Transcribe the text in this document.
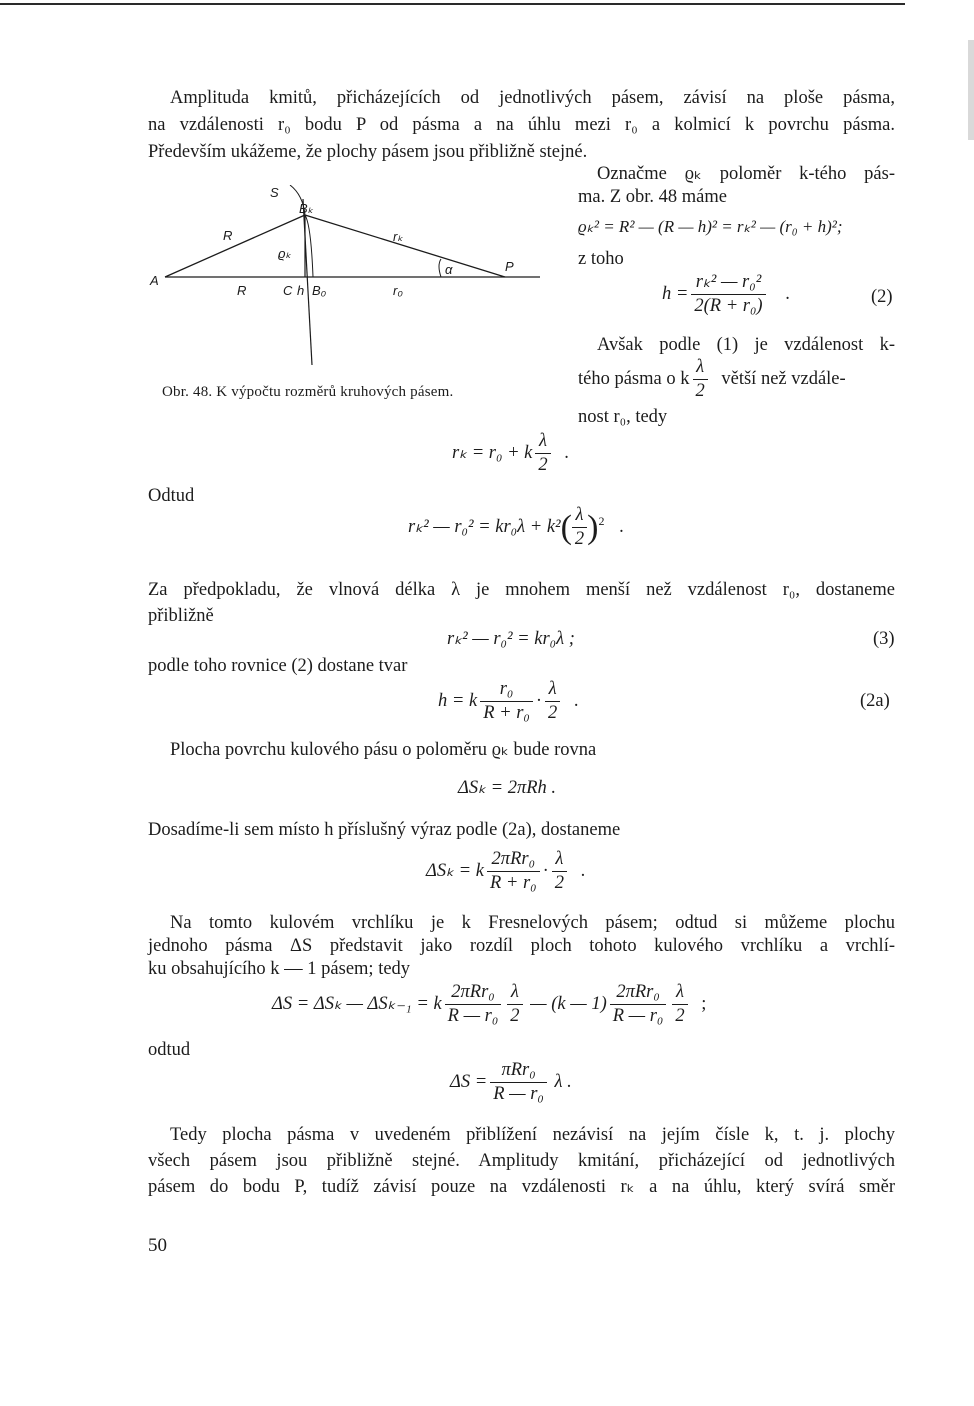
Amplituda kmitů, přicházejících od jednotlivých pásem, závisí na ploše pásma,
na vzdálenosti r₀ bodu P od pásma a na úhlu mezi r₀ a kolmicí k povrchu pásma.
Především ukážeme, že plochy pásem jsou přibližně stejné.
S
Bₖ
R
ϱₖ
rₖ
A
α	P
R	C h B₀	r₀
Obr. 48. K výpočtu rozměrů kruhových pásem.
Označme ϱₖ poloměr k-tého pás-
ma. Z obr. 48 máme
ϱₖ² = R² — (R — h)² = rₖ² — (r₀ + h)²;
z toho
$h = \frac{\text{rₖ² — r₀²}}{\text{2(R + r₀)}}$ .	(2)
Avšak podle (1) je vzdálenost k-
tého pásma o k $\frac{\lambda}{2}$ větší než vzdále-
nost r₀, tedy
rₖ = r₀ + k $\frac{\lambda}{2}$ .
Odtud
rₖ² — $r_0^2 = kr_0\lambda + k^2( \frac{\lambda}{2} )^2$ .
Za předpokladu, že vlnová délka λ je mnohem menší než vzdálenost r₀, dostaneme
přibližně
rₖ² — r₀² = kr₀λ ;	(3)
podle toho rovnice (2) dostane tvar
h = k $\frac{\text{r₀}}{\text{R + r₀}} \cdot \frac{\lambda}{2}$ .	(2a)
Plocha povrchu kulového pásu o poloměru ϱₖ bude rovna
ΔSₖ = 2πRh .
Dosadíme-li sem místo h příslušný výraz podle (2a), dostaneme
ΔSₖ = k $\frac{\text{2πRr₀}}{\text{R + r₀}} \cdot \frac{\lambda}{2}$ .
Na tomto kulovém vrchlíku je k Fresnelových pásem; odtud si můžeme plochu
jednoho pásma ΔS představit jako rozdíl ploch tohoto kulového vrchlíku a vrchlí-
ku obsahujícího k — 1 pásem; tedy
ΔS = ΔSₖ — ΔSₖ₋₁ = k $\frac{\text{2πRr₀}}{\text{R — r₀}} \frac{\lambda}{2}$ — (k — $1) \frac{\text{2πRr₀}}{\text{R — r₀}} \frac{\lambda}{2}$ ;
odtud
$\Delta S = \frac{\text{πRr₀}}{\text{R — r₀}}$ λ .
Tedy plocha pásma v uvedeném přiblížení nezávisí na jejím čísle k, t. j. plochy
všech pásem jsou přibližně stejné. Amplitudy kmitání, přicházející od jednotlivých
pásem do bodu P, tudíž závisí pouze na vzdálenosti rₖ a na úhlu, který svírá směr
50
